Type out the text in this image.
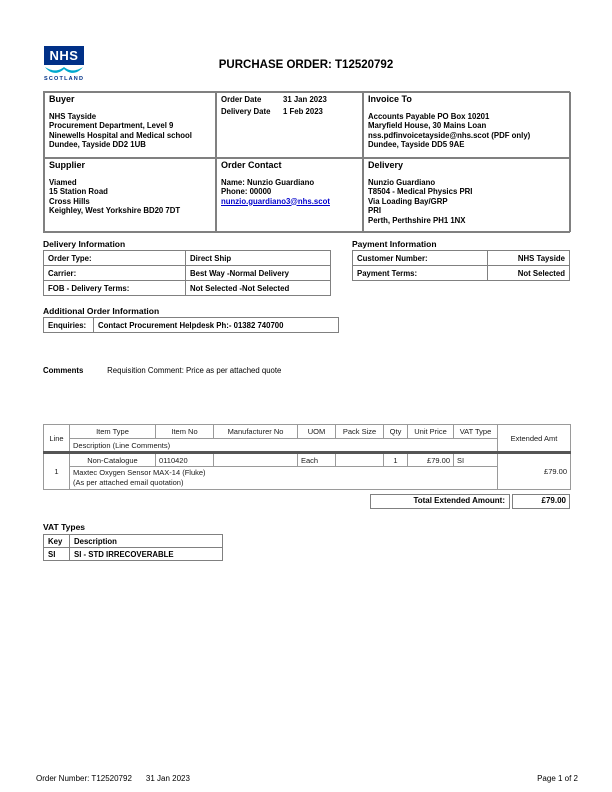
NHS
SCOTLAND
PURCHASE ORDER: T12520792
Buyer
NHS Tayside
Procurement Department, Level 9
Ninewells Hospital and Medical school
Dundee, Tayside DD2 1UB
Order Date	31 Jan 2023
Delivery Date	1 Feb 2023
Invoice To
Accounts Payable PO Box 10201
Maryfield House, 30 Mains Loan
nss.pdfinvoicetayside@nhs.scot (PDF only)
Dundee, Tayside DD5 9AE
Supplier
Viamed
15 Station Road
Cross Hills
Keighley, West Yorkshire BD20 7DT
Order Contact
Name: Nunzio Guardiano
Phone: 00000
nunzio.guardiano3@nhs.scot
Delivery
Nunzio Guardiano
T8504 - Medical Physics PRI
Via Loading Bay/GRP
PRI
Perth, Perthshire PH1 1NX
Delivery Information
Order Type:	Direct Ship
Carrier:	Best Way -Normal Delivery
FOB - Delivery Terms:	Not Selected -Not Selected
Payment Information
Customer Number:	NHS Tayside
Payment Terms:	Not Selected
Additional Order Information
Enquiries:	Contact Procurement Helpdesk Ph:- 01382 740700
Comments	Requisition Comment: Price as per attached quote
Line	Item Type	Item No	Manufacturer No	UOM	Pack Size	Qty	Unit Price	VAT Type	Extended Amt
	Description (Line Comments)								
1	Non-Catalogue	0110420		Each		1	£79.00	SI	£79.00

	Maxtec Oxygen Sensor MAX-14 (Fluke)
(As per attached email quotation)								
Total Extended Amount:	£79.00
VAT Types
Key	Description
SI	SI - STD IRRECOVERABLE
Order Number: T12520792 31 Jan 2023	Page 1 of 2
